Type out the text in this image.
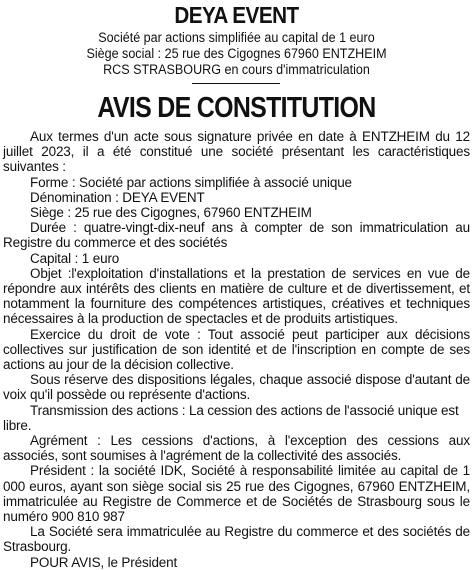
DEYA EVENT
Société par actions simplifiée au capital de 1 euro
Siège social : 25 rue des Cigognes 67960 ENTZHEIM
RCS STRASBOURG en cours d'immatriculation
AVIS DE CONSTITUTION
Aux termes d'un acte sous signature privée en date à ENTZHEIM du 12 juillet 2023, il a été constitué une société présentant les caractéristiques suivantes :
Forme : Société par actions simplifiée à associé unique
Dénomination : DEYA EVENT
Siège : 25 rue des Cigognes, 67960 ENTZHEIM
Durée : quatre-vingt-dix-neuf ans à compter de son immatriculation au Registre du commerce et des sociétés
Capital : 1 euro
Objet :l'exploitation d'installations et la prestation de services en vue de répondre aux intérêts des clients en matière de culture et de divertissement, et notamment la fourniture des compétences artistiques, créatives et techniques nécessaires à la production de spectacles et de produits artistiques.
Exercice du droit de vote : Tout associé peut participer aux décisions collectives sur justification de son identité et de l'inscription en compte de ses actions au jour de la décision collective.
Sous réserve des dispositions légales, chaque associé dispose d'autant de voix qu'il possède ou représente d'actions.
Transmission des actions : La cession des actions de l'associé unique est libre.
Agrément : Les cessions d'actions, à l'exception des cessions aux associés, sont soumises à l'agrément de la collectivité des associés.
Président : la société IDK, Société à responsabilité limitée au capital de 1 000 euros, ayant son siège social sis 25 rue des Cigognes, 67960 ENTZHEIM, immatriculée au Registre de Commerce et de Sociétés de Strasbourg sous le numéro 900 810 987
La Société sera immatriculée au Registre du commerce et des sociétés de Strasbourg.
POUR AVIS, le Président
